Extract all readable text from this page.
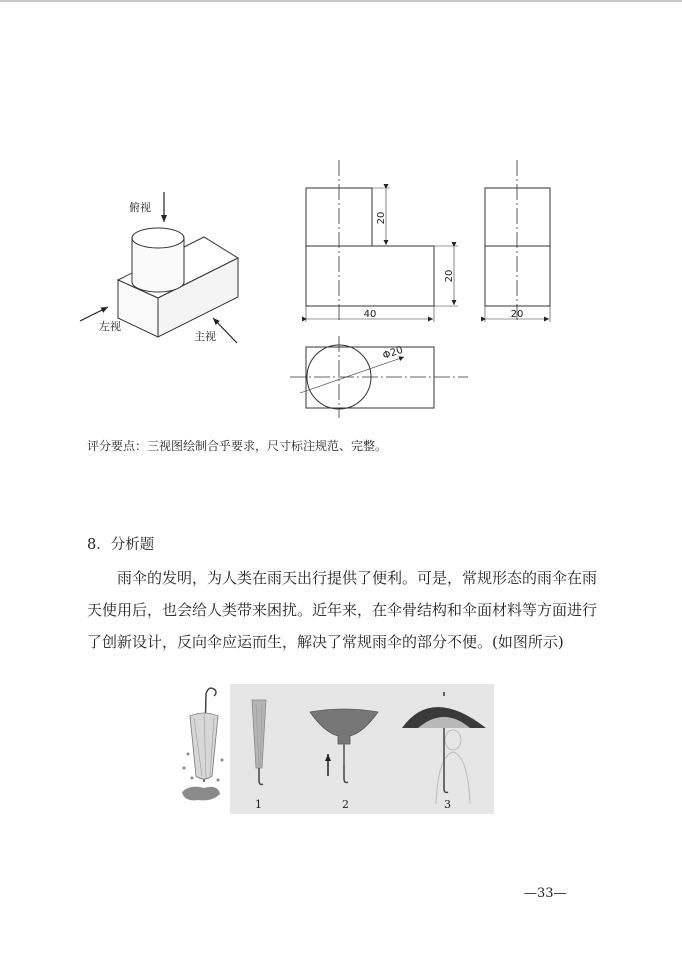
俯视
左视
主视
20
20
40	20
Φ20
评分要点：三视图绘制合乎要求，尺寸标注规范、完整。
8．分析题

雨伞的发明，为人类在雨天出行提供了便利。可是，常规形态的雨伞在雨天使用后，也会给人类带来困扰。近年来，在伞骨结构和伞面材料等方面进行了创新设计，反向伞应运而生，解决了常规雨伞的部分不便。(如图所示)

1	2	3
—33—
